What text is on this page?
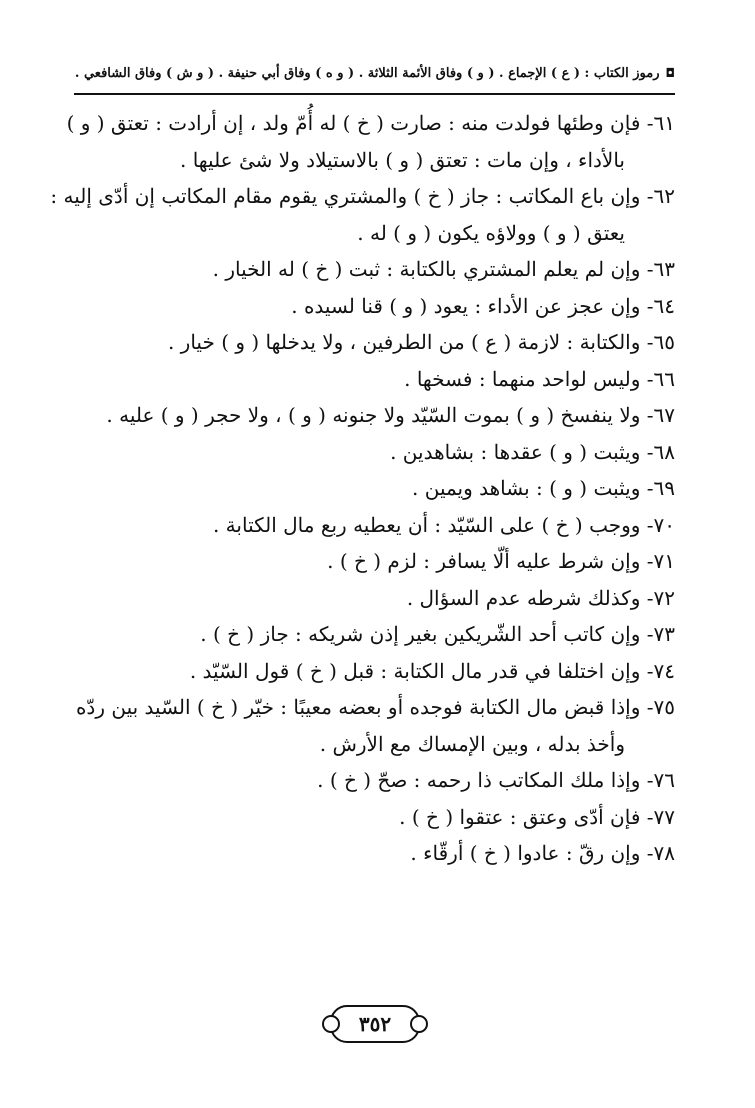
◘
رموز الكتاب : ( ع ) الإجماع . ( و ) وفاق الأئمة الثلاثة . ( و ه ) وفاق أبي حنيفة . ( و ش ) وفاق الشافعي .
٦١- فإن وطئها فولدت منه : صارت ( خ ) له أُمّ ولد ، إن أرادت : تعتق ( و )
بالأداء ، وإن مات : تعتق ( و ) بالاستيلاد ولا شئ عليها .
٦٢- وإن باع المكاتب : جاز ( خ ) والمشتري يقوم مقام المكاتب إن أدّى إليه :
يعتق ( و ) وولاؤه يكون ( و ) له .
٦٣- وإن لم يعلم المشتري بالكتابة : ثبت ( خ ) له الخيار .
٦٤- وإن عجز عن الأداء : يعود ( و ) قنا لسيده .
٦٥- والكتابة : لازمة ( ع ) من الطرفين ، ولا يدخلها ( و ) خيار .
٦٦- وليس لواحد منهما : فسخها .
٦٧- ولا ينفسخ ( و ) بموت السّيّد ولا جنونه ( و ) ، ولا حجر ( و ) عليه .
٦٨- ويثبت ( و ) عقدها : بشاهدين .
٦٩- ويثبت ( و ) : بشاهد ويمين .
٧٠- ووجب ( خ ) على السّيّد : أن يعطيه ربع مال الكتابة .
٧١- وإن شرط عليه ألّا يسافر : لزم ( خ ) .
٧٢- وكذلك شرطه عدم السؤال .
٧٣- وإن كاتب أحد الشّريكين بغير إذن شريكه : جاز ( خ ) .
٧٤- وإن اختلفا في قدر مال الكتابة : قبل ( خ ) قول السّيّد .
٧٥- وإذا قبض مال الكتابة فوجده أو بعضه معيبًا : خيّر ( خ ) السّيد بين ردّه
وأخذ بدله ، وبين الإمساك مع الأرش .
٧٦- وإذا ملك المكاتب ذا رحمه : صحّ ( خ ) .
٧٧- فإن أدّى وعتق : عتقوا ( خ ) .
٧٨- وإن رقّ : عادوا ( خ ) أرقّاء .
٣٥٢
